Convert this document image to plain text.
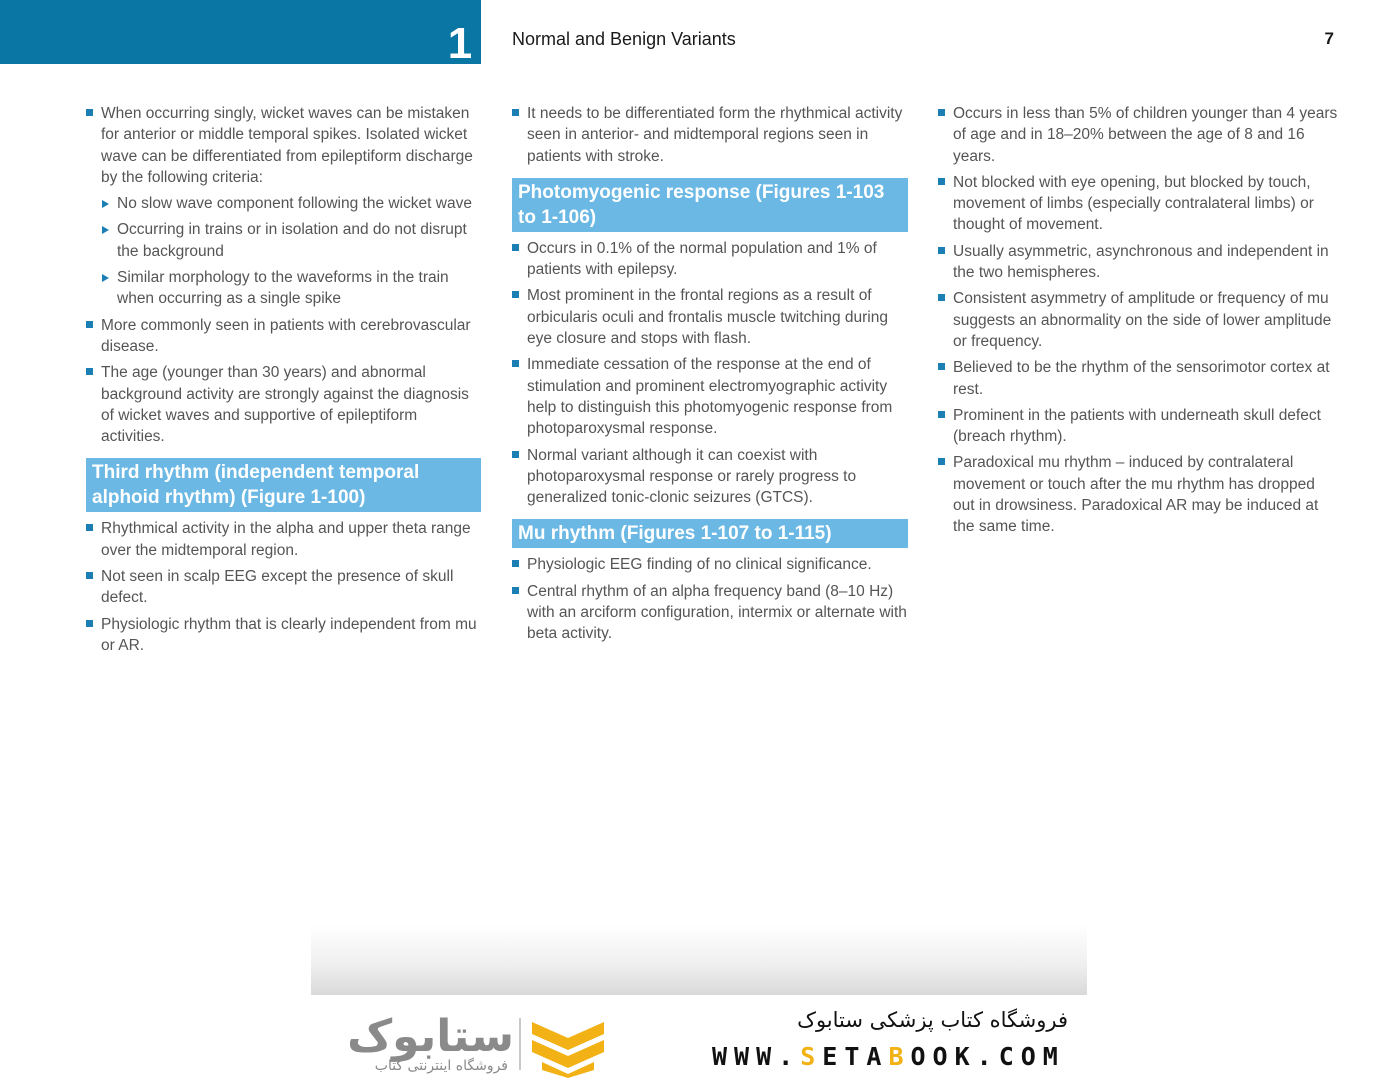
1	Normal and Benign Variants	7
When occurring singly, wicket waves can be mistaken for anterior or middle temporal spikes. Isolated wicket wave can be differentiated from epileptiform discharge by the following criteria:
No slow wave component following the wicket wave
Occurring in trains or in isolation and do not disrupt the background
Similar morphology to the waveforms in the train when occurring as a single spike
More commonly seen in patients with cerebrovascular disease.
The age (younger than 30 years) and abnormal background activity are strongly against the diagnosis of wicket waves and supportive of epileptiform activities.
Third rhythm (independent temporal alphoid rhythm) (Figure 1-100)
Rhythmical activity in the alpha and upper theta range over the midtemporal region.
Not seen in scalp EEG except the presence of skull defect.
Physiologic rhythm that is clearly independent from mu or AR.
It needs to be differentiated form the rhythmical activity seen in anterior- and midtemporal regions seen in patients with stroke.
Photomyogenic response (Figures 1-103 to 1-106)
Occurs in 0.1% of the normal population and 1% of patients with epilepsy.
Most prominent in the frontal regions as a result of orbicularis oculi and frontalis muscle twitching during eye closure and stops with flash.
Immediate cessation of the response at the end of stimulation and prominent electromyographic activity help to distinguish this photomyogenic response from photoparoxysmal response.
Normal variant although it can coexist with photoparoxysmal response or rarely progress to generalized tonic-clonic seizures (GTCS).
Mu rhythm (Figures 1-107 to 1-115)
Physiologic EEG finding of no clinical significance.
Central rhythm of an alpha frequency band (8–10 Hz) with an arciform configuration, intermix or alternate with beta activity.
Occurs in less than 5% of children younger than 4 years of age and in 18–20% between the age of 8 and 16 years.
Not blocked with eye opening, but blocked by touch, movement of limbs (especially contralateral limbs) or thought of movement.
Usually asymmetric, asynchronous and independent in the two hemispheres.
Consistent asymmetry of amplitude or frequency of mu suggests an abnormality on the side of lower amplitude or frequency.
Believed to be the rhythm of the sensorimotor cortex at rest.
Prominent in the patients with underneath skull defect (breach rhythm).
Paradoxical mu rhythm – induced by contralateral movement or touch after the mu rhythm has dropped out in drowsiness. Paradoxical AR may be induced at the same time.
ستابوک
فروشگاه اینترنتی کتاب
فروشگاه کتاب پزشکی ستابوک
WWW.SETABOOK.COM
